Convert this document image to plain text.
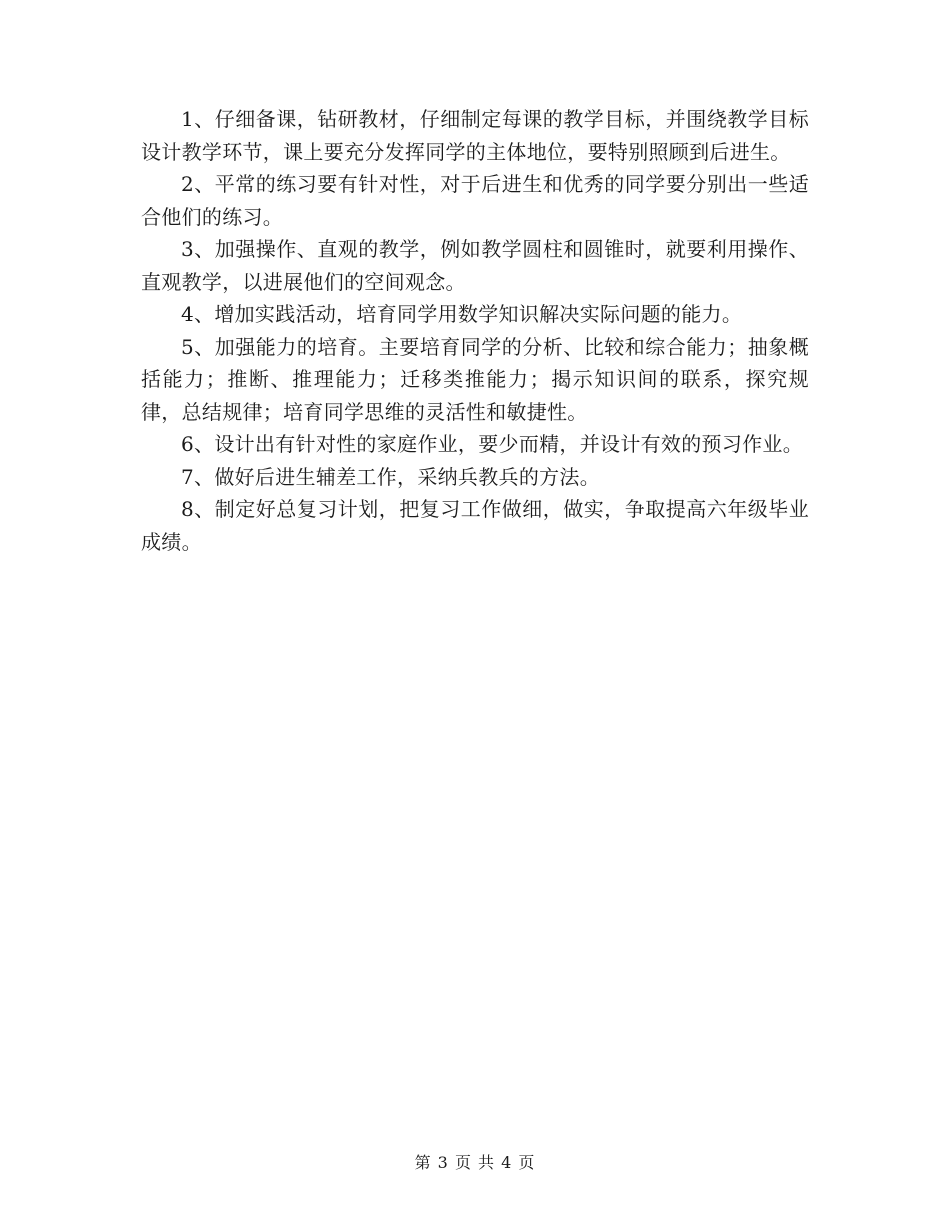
1、仔细备课，钻研教材，仔细制定每课的教学目标，并围绕教学目标设计教学环节，课上要充分发挥同学的主体地位，要特别照顾到后进生。

2、平常的练习要有针对性，对于后进生和优秀的同学要分别出一些适合他们的练习。

3、加强操作、直观的教学，例如教学圆柱和圆锥时，就要利用操作、直观教学，以进展他们的空间观念。

4、增加实践活动，培育同学用数学知识解决实际问题的能力。

5、加强能力的培育。主要培育同学的分析、比较和综合能力；抽象概括能力；推断、推理能力；迁移类推能力；揭示知识间的联系，探究规律，总结规律；培育同学思维的灵活性和敏捷性。

6、设计出有针对性的家庭作业，要少而精，并设计有效的预习作业。

7、做好后进生辅差工作，采纳兵教兵的方法。

8、制定好总复习计划，把复习工作做细，做实，争取提高六年级毕业成绩。

第 3 页 共 4 页
